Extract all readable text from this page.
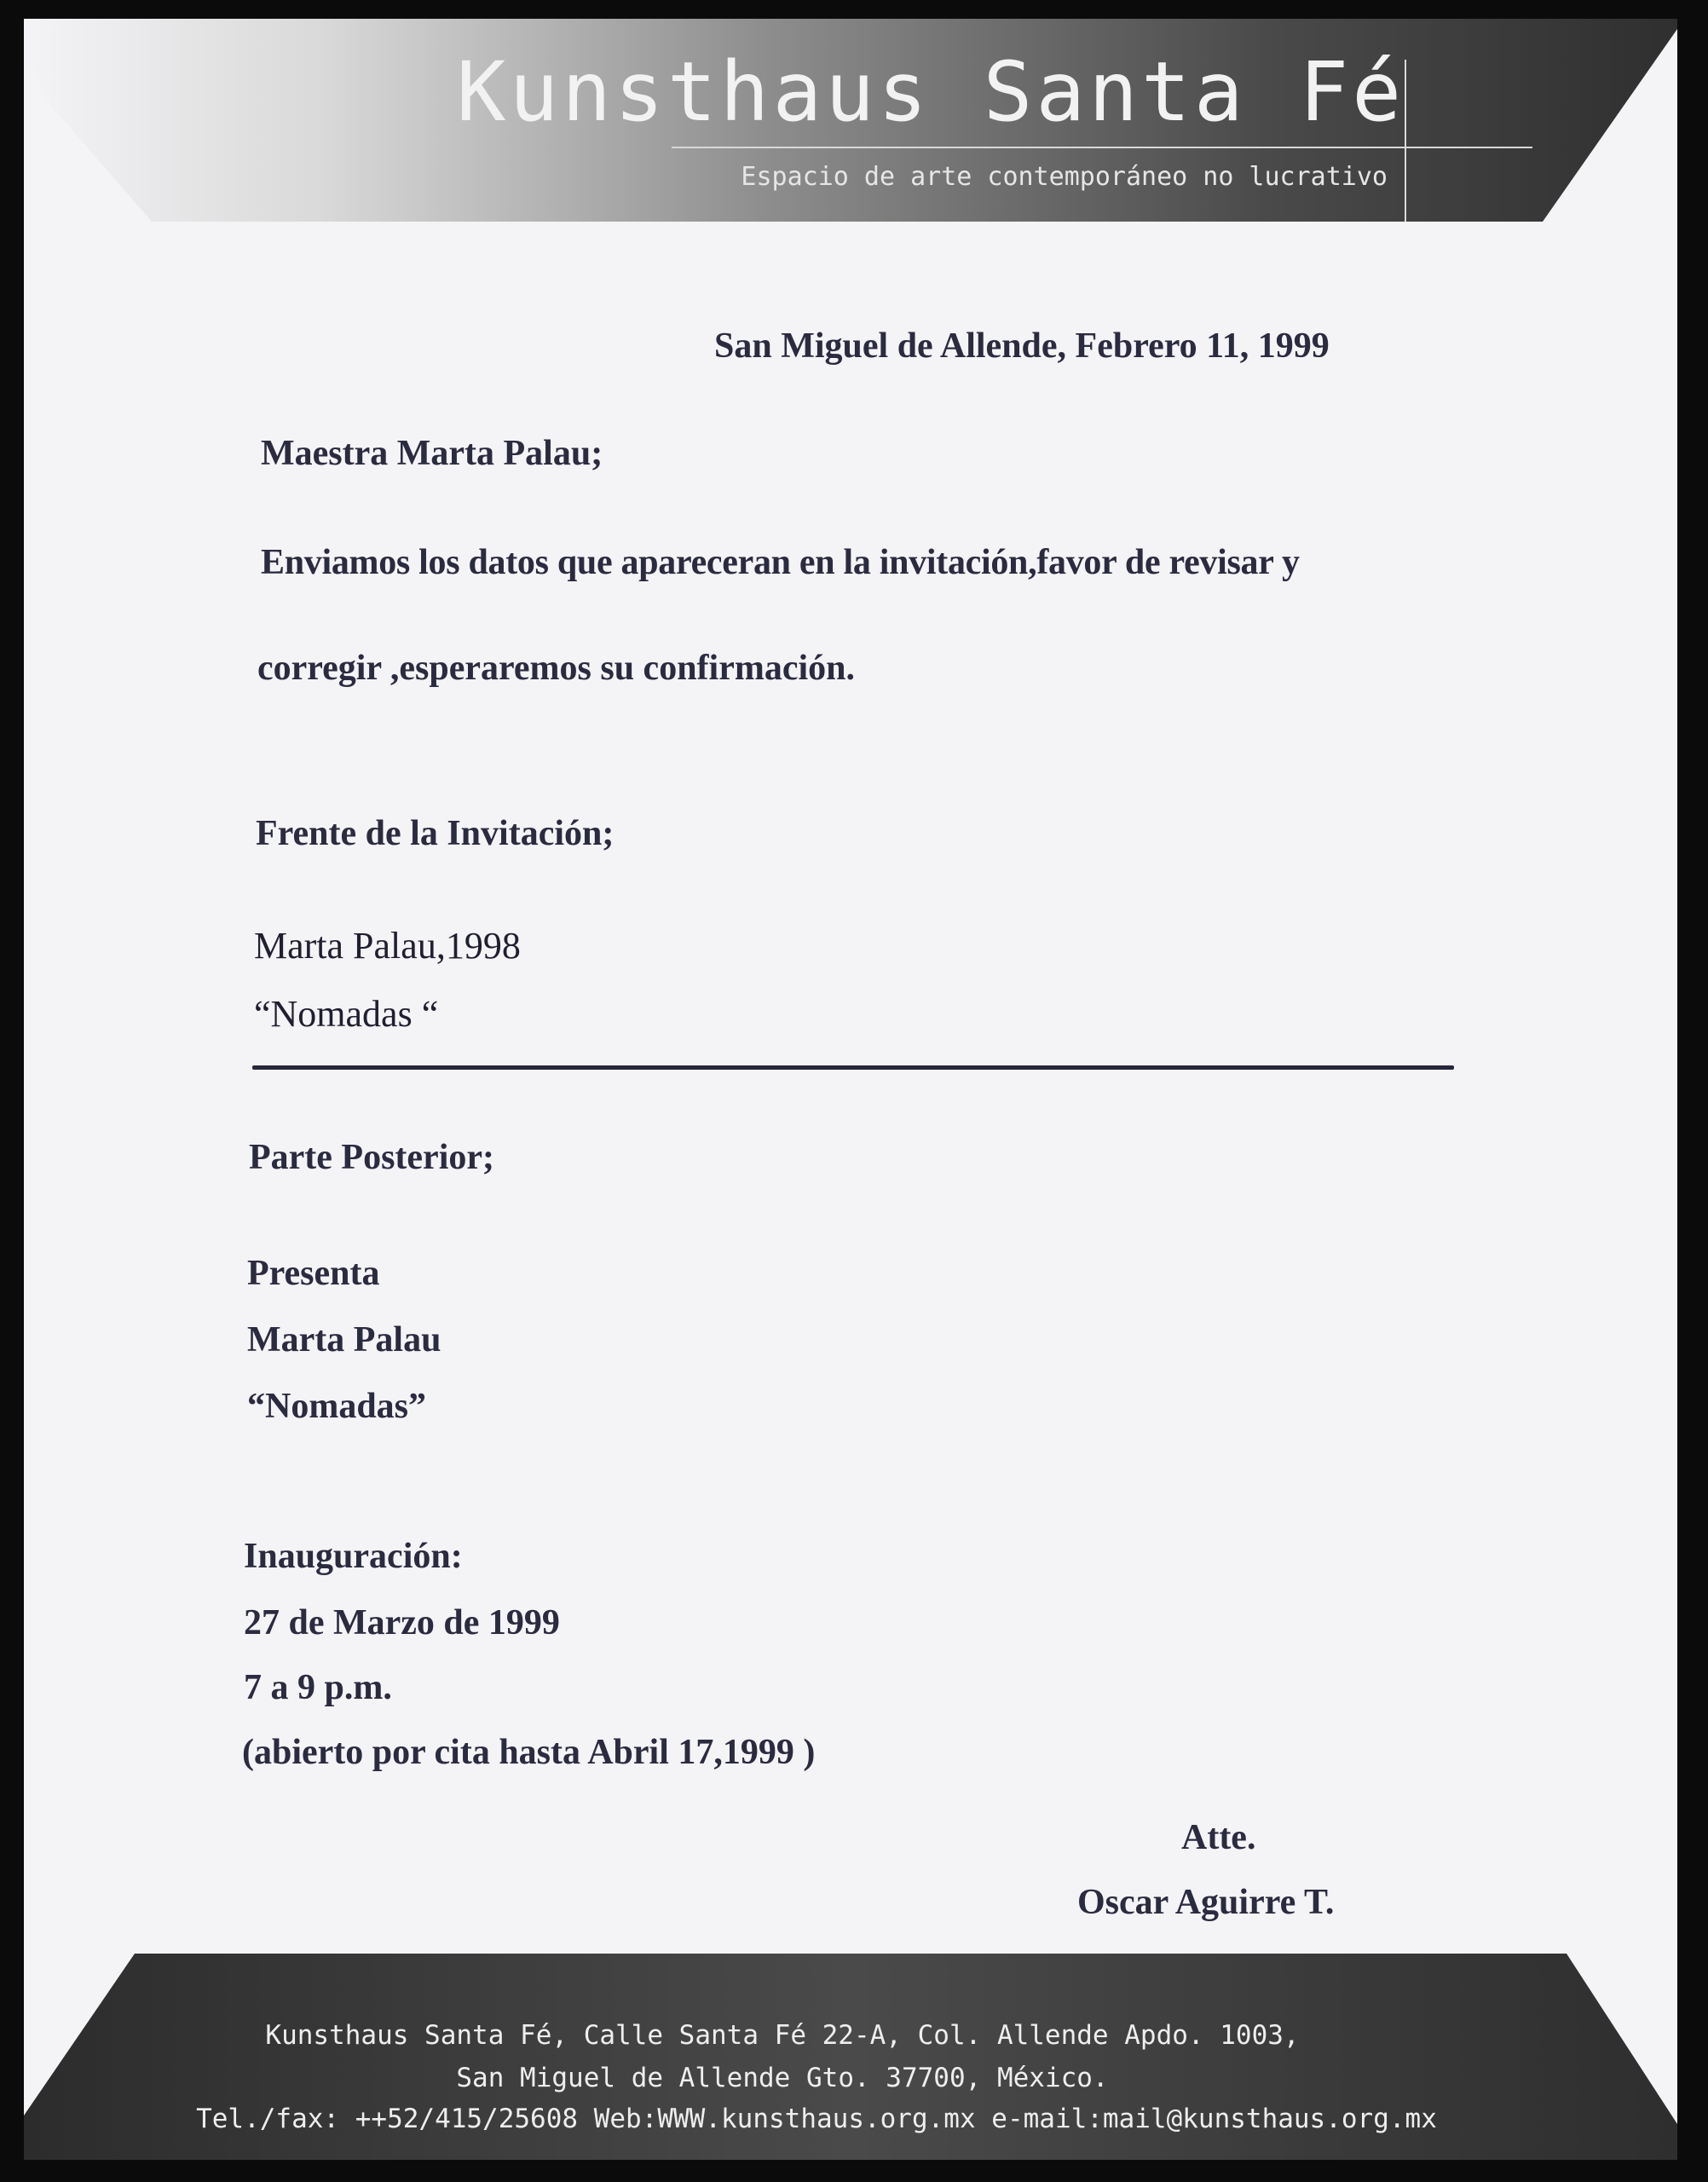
Kunsthaus Santa Fé
Espacio de arte contemporáneo no lucrativo
San Miguel de Allende, Febrero 11, 1999
Maestra Marta Palau;
Enviamos los datos que apareceran en la invitación,favor de revisar y
corregir ,esperaremos su confirmación.
Frente de la Invitación;
Marta Palau,1998
“Nomadas “
Parte Posterior;
Presenta
Marta Palau
“Nomadas”
Inauguración:
27 de Marzo de 1999
7 a 9 p.m.
(abierto por cita hasta Abril 17,1999 )
Atte.
Oscar Aguirre T.
Kunsthaus Santa Fé, Calle Santa Fé 22-A, Col. Allende Apdo. 1003,
San Miguel de Allende Gto. 37700, México.
Tel./fax: ++52/415/25608 Web:WWW.kunsthaus.org.mx e-mail:mail@kunsthaus.org.mx
